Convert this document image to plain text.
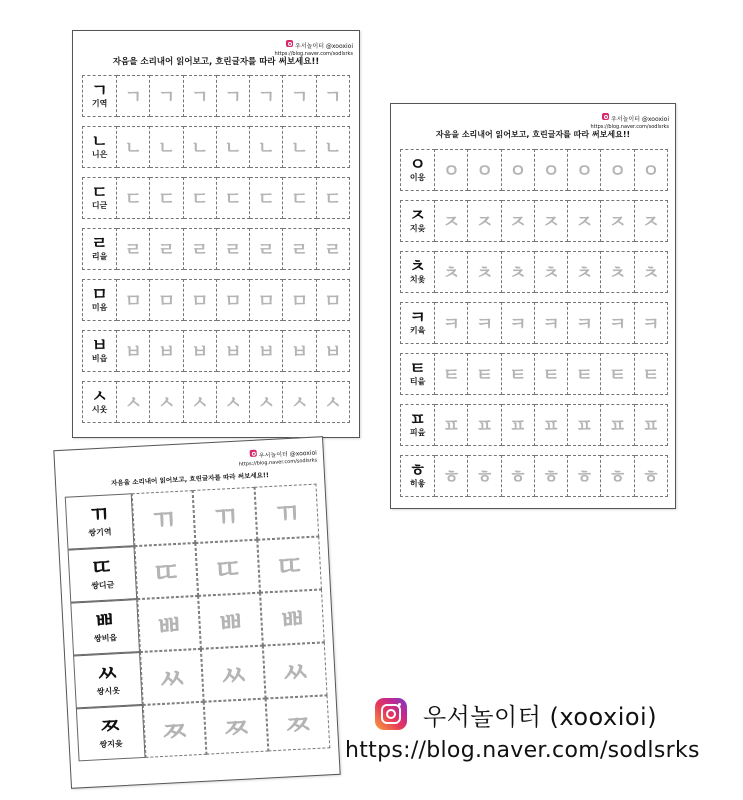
우서놀이터 @xooxioi
https://blog.naver.com/sodlsrks
자음을 소리내어 읽어보고, 흐린글자를 따라 써보세요!!
ㄱ
기역 ㄱ ㄱ ㄱ ㄱ ㄱ ㄱ ㄱ
ㄴ
니은 ㄴ ㄴ ㄴ ㄴ ㄴ ㄴ ㄴ
ㄷ
디귿 ㄷ ㄷ ㄷ ㄷ ㄷ ㄷ ㄷ
ㄹ
리을 ㄹ ㄹ ㄹ ㄹ ㄹ ㄹ ㄹ
ㅁ
미음 ㅁ ㅁ ㅁ ㅁ ㅁ ㅁ ㅁ
ㅂ
비읍 ㅂ ㅂ ㅂ ㅂ ㅂ ㅂ ㅂ
ㅅ
시옷 ㅅ ㅅ ㅅ ㅅ ㅅ ㅅ ㅅ
우서놀이터 @xooxioi
https://blog.naver.com/sodlsrks
자음을 소리내어 읽어보고, 흐린글자를 따라 써보세요!!
ㅇ
이응 ㅇ ㅇ ㅇ ㅇ ㅇ ㅇ ㅇ
ㅈ
지읒 ㅈ ㅈ ㅈ ㅈ ㅈ ㅈ ㅈ
ㅊ
치읓 ㅊ ㅊ ㅊ ㅊ ㅊ ㅊ ㅊ
ㅋ
키읔 ㅋ ㅋ ㅋ ㅋ ㅋ ㅋ ㅋ
ㅌ
티읕 ㅌ ㅌ ㅌ ㅌ ㅌ ㅌ ㅌ
ㅍ
피읖 ㅍ ㅍ ㅍ ㅍ ㅍ ㅍ ㅍ
ㅎ
히읗 ㅎ ㅎ ㅎ ㅎ ㅎ ㅎ ㅎ
우서놀이터 @xooxioi
https://blog.naver.com/sodlsrks
자음을 소리내어 읽어보고, 흐린글자를 따라 써보세요!!
ㄲ
쌍기역	ㄲ	ㄲ	ㄲ
ㄸ
쌍디귿	ㄸ	ㄸ	ㄸ
ㅃ
쌍비읍	ㅃ	ㅃ	ㅃ
ㅆ
쌍시옷	ㅆ	ㅆ	ㅆ
ㅉ
쌍지읒	ㅉ	ㅉ	ㅉ	우서놀이터 (xooxioi)
https://blog.naver.com/sodlsrks
